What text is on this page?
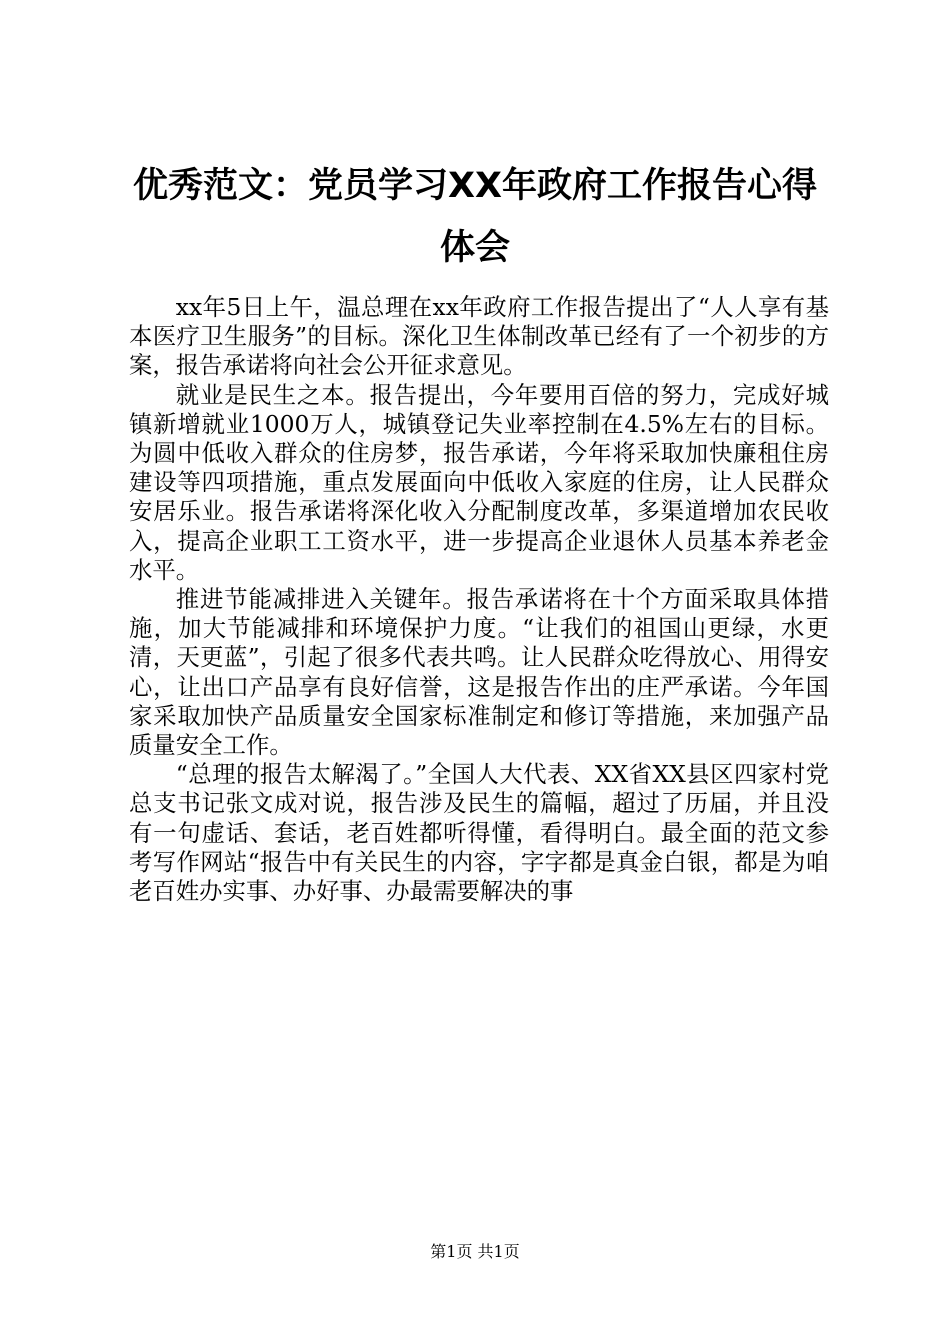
优秀范文：党员学习XX年政府工作报告心得体会

xx年5日上午，温总理在xx年政府工作报告提出了“人人享有基本医疗卫生服务”的目标。深化卫生体制改革已经有了一个初步的方案，报告承诺将向社会公开征求意见。

就业是民生之本。报告提出，今年要用百倍的努力，完成好城镇新增就业1000万人，城镇登记失业率控制在4.5%左右的目标。为圆中低收入群众的住房梦，报告承诺，今年将采取加快廉租住房建设等四项措施，重点发展面向中低收入家庭的住房，让人民群众安居乐业。报告承诺将深化收入分配制度改革，多渠道增加农民收入，提高企业职工工资水平，进一步提高企业退休人员基本养老金水平。

推进节能减排进入关键年。报告承诺将在十个方面采取具体措施，加大节能减排和环境保护力度。“让我们的祖国山更绿，水更清，天更蓝”，引起了很多代表共鸣。让人民群众吃得放心、用得安心，让出口产品享有良好信誉，这是报告作出的庄严承诺。今年国家采取加快产品质量安全国家标准制定和修订等措施，来加强产品质量安全工作。

“总理的报告太解渴了。”全国人大代表、XX省XX县区四家村党总支书记张文成对说，报告涉及民生的篇幅，超过了历届，并且没有一句虚话、套话，老百姓都听得懂，看得明白。最全面的范文参考写作网站“报告中有关民生的内容，字字都是真金白银，都是为咱老百姓办实事、办好事、办最需要解决的事

第1页 共1页
